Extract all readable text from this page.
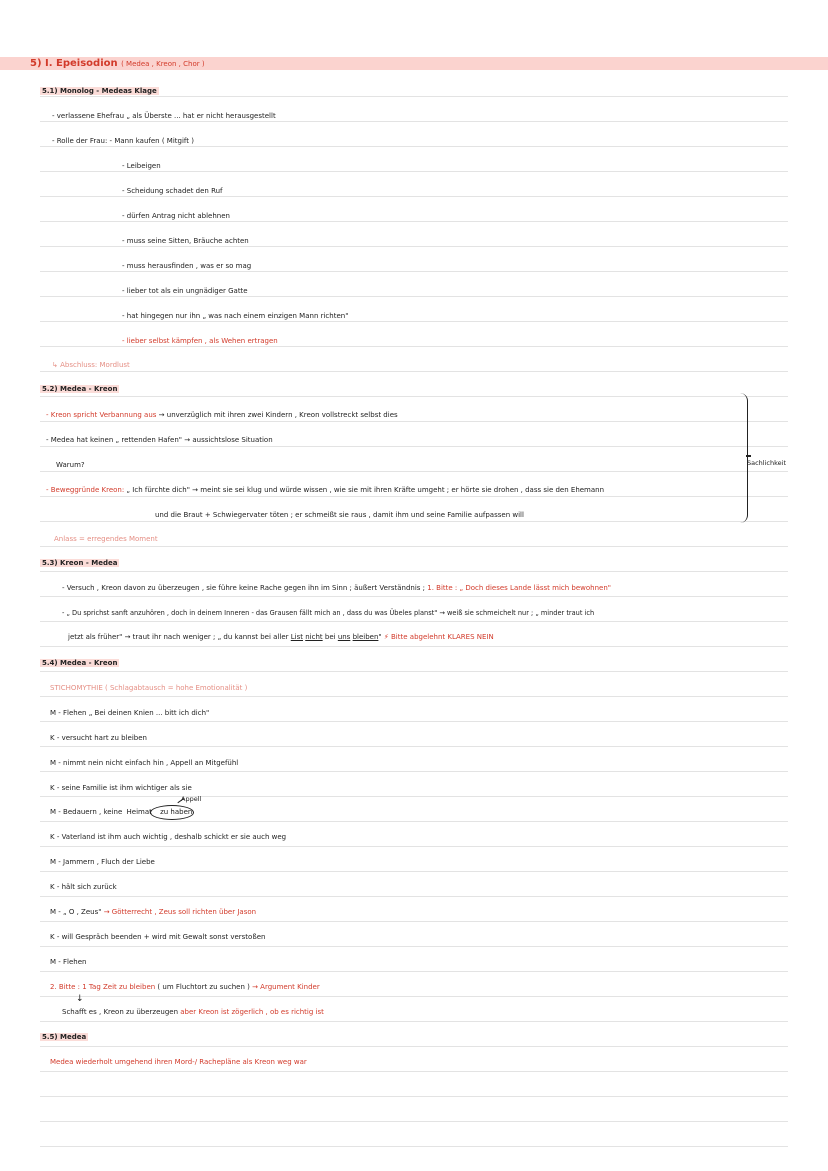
5) I. Epeisodion ( Medea , Kreon , Chor )
5.1) Monolog - Medeas Klage
- verlassene Ehefrau „ als Überste ... hat er nicht herausgestellt
- Rolle der Frau: - Mann kaufen ( Mitgift )
- Leibeigen
- Scheidung schadet den Ruf
- dürfen Antrag nicht ablehnen
- muss seine Sitten, Bräuche achten
- muss herausfinden , was er so mag
- lieber tot als ein ungnädiger Gatte
- hat hingegen nur ihn „ was nach einem einzigen Mann richten"
- lieber selbst kämpfen , als Wehen ertragen
↳ Abschluss: Mordlust
5.2) Medea - Kreon
- Kreon spricht Verbannung aus → unverzüglich mit ihren zwei Kindern , Kreon vollstreckt selbst dies
- Medea hat keinen „ rettenden Hafen" → aussichtslose Situation
Warum?
- Beweggründe Kreon: „ Ich fürchte dich" → meint sie sei klug und würde wissen , wie sie mit ihren Kräfte umgeht ; er hörte sie drohen , dass sie den Ehemann
und die Braut + Schwiegervater töten ; er schmeißt sie raus , damit ihm und seine Familie aufpassen will
Anlass = erregendes Moment
Sachlichkeit
5.3) Kreon - Medea
- Versuch , Kreon davon zu überzeugen , sie führe keine Rache gegen ihn im Sinn ; äußert Verständnis ; 1. Bitte : „ Doch dieses Lande lässt mich bewohnen"
- „ Du sprichst sanft anzuhören , doch in deinem Inneren - das Grausen fällt mich an , dass du was Übeles planst" → weiß sie schmeichelt nur ; „ minder traut ich
jetzt als früher" → traut ihr nach weniger ; „ du kannst bei aller List nicht bei uns bleiben" ⚡ Bitte abgelehnt KLARES NEIN
5.4) Medea - Kreon
STICHOMYTHIE ( Schlagabtausch = hohe Emotionalität )
M - Flehen „ Bei deinen Knien ... bitt ich dich"
K - versucht hart zu bleiben
M - nimmt nein nicht einfach hin , Appell an Mitgefühl
K - seine Familie ist ihm wichtiger als sie
Appell
M - Bedauern , keine Heimat zu haben
K - Vaterland ist ihm auch wichtig , deshalb schickt er sie auch weg
M - Jammern , Fluch der Liebe
K - hält sich zurück
M - „ O , Zeus" → Götterrecht , Zeus soll richten über Jason
K - will Gespräch beenden + wird mit Gewalt sonst verstoßen
M - Flehen
2. Bitte : 1 Tag Zeit zu bleiben ( um Fluchtort zu suchen ) → Argument Kinder
↓
Schafft es , Kreon zu überzeugen aber Kreon ist zögerlich , ob es richtig ist
5.5) Medea
Medea wiederholt umgehend ihren Mord-/ Rachepläne als Kreon weg war
